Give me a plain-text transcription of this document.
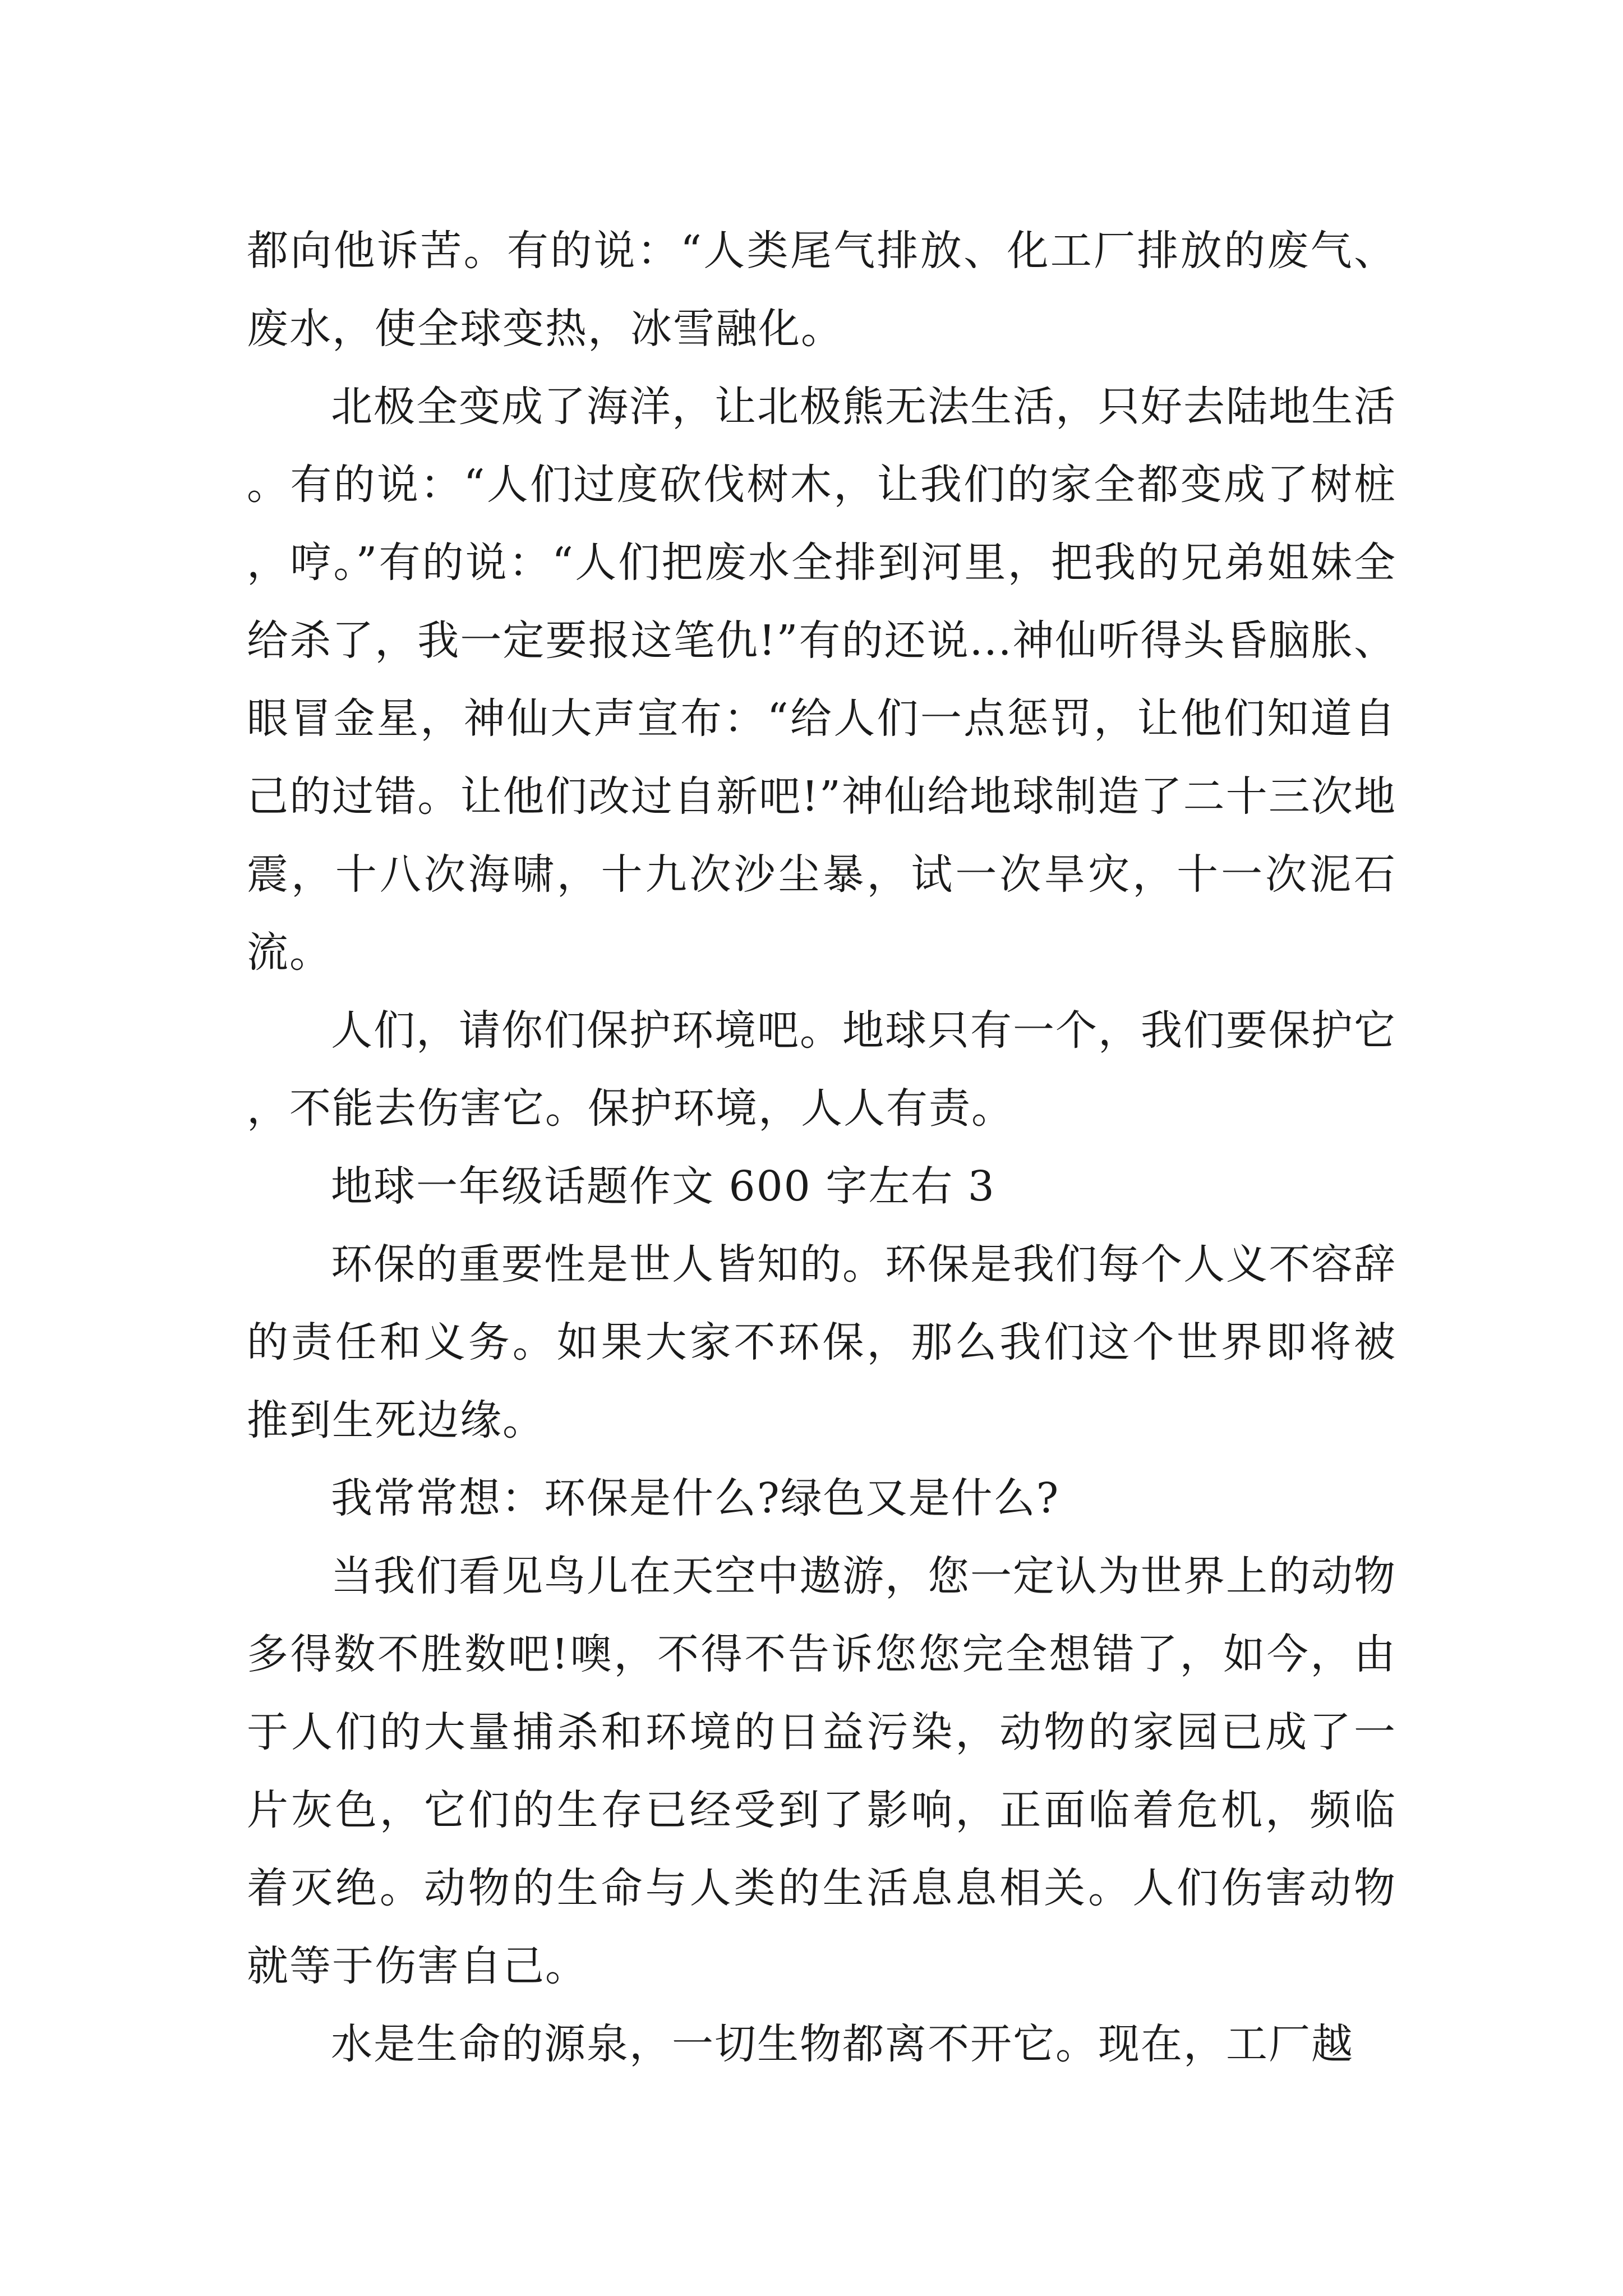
都向他诉苦。有的说：“人类尾气排放、化工厂排放的废气、废水，使全球变热，冰雪融化。

北极全变成了海洋，让北极熊无法生活，只好去陆地生活。有的说：“人们过度砍伐树木，让我们的家全都变成了树桩，哼。”有的说：“人们把废水全排到河里，把我的兄弟姐妹全给杀了，我一定要报这笔仇!”有的还说...神仙听得头昏脑胀、眼冒金星，神仙大声宣布：“给人们一点惩罚，让他们知道自己的过错。让他们改过自新吧!”神仙给地球制造了二十三次地震，十八次海啸，十九次沙尘暴，试一次旱灾，十一次泥石流。

人们，请你们保护环境吧。地球只有一个，我们要保护它，不能去伤害它。保护环境，人人有责。

地球一年级话题作文 600 字左右 3

环保的重要性是世人皆知的。环保是我们每个人义不容辞的责任和义务。如果大家不环保，那么我们这个世界即将被推到生死边缘。

我常常想：环保是什么?绿色又是什么?

当我们看见鸟儿在天空中遨游，您一定认为世界上的动物多得数不胜数吧!噢，不得不告诉您您完全想错了，如今，由于人们的大量捕杀和环境的日益污染，动物的家园已成了一片灰色，它们的生存已经受到了影响，正面临着危机，频临着灭绝。动物的生命与人类的生活息息相关。人们伤害动物就等于伤害自己。

水是生命的源泉，一切生物都离不开它。现在，工厂越
